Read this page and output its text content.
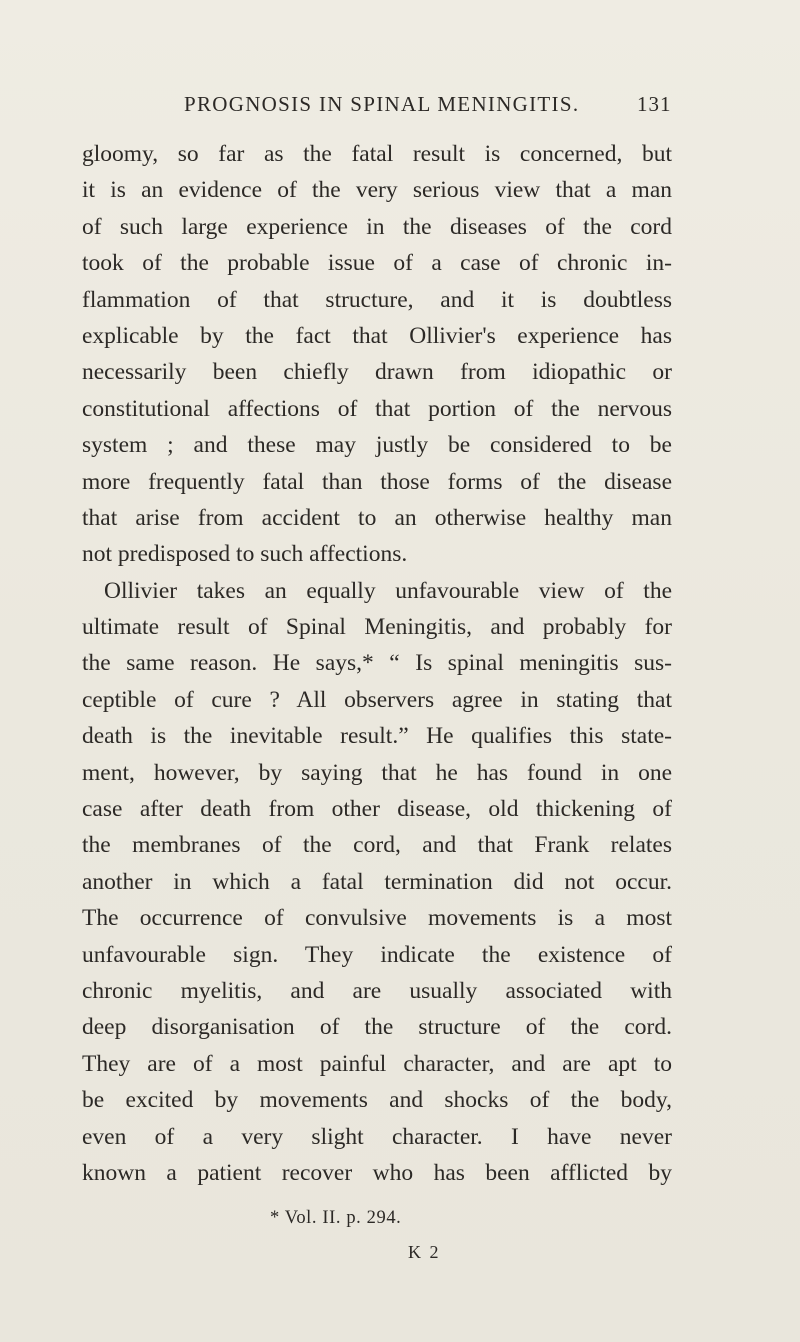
PROGNOSIS IN SPINAL MENINGITIS.	131
gloomy, so far as the fatal result is concerned, but
it is an evidence of the very serious view that a man
of such large experience in the diseases of the cord
took of the probable issue of a case of chronic in-
flammation of that structure, and it is doubtless
explicable by the fact that Ollivier's experience has
necessarily been chiefly drawn from idiopathic or
constitutional affections of that portion of the nervous
system ; and these may justly be considered to be
more frequently fatal than those forms of the disease
that arise from accident to an otherwise healthy man
not predisposed to such affections.
Ollivier takes an equally unfavourable view of the
ultimate result of Spinal Meningitis, and probably for
the same reason. He says,* “ Is spinal meningitis sus-
ceptible of cure ? All observers agree in stating that
death is the inevitable result.” He qualifies this state-
ment, however, by saying that he has found in one
case after death from other disease, old thickening of
the membranes of the cord, and that Frank relates
another in which a fatal termination did not occur.
The occurrence of convulsive movements is a most
unfavourable sign. They indicate the existence of
chronic myelitis, and are usually associated with
deep disorganisation of the structure of the cord.
They are of a most painful character, and are apt to
be excited by movements and shocks of the body,
even of a very slight character. I have never
known a patient recover who has been afflicted by
* Vol. II. p. 294.
K 2
